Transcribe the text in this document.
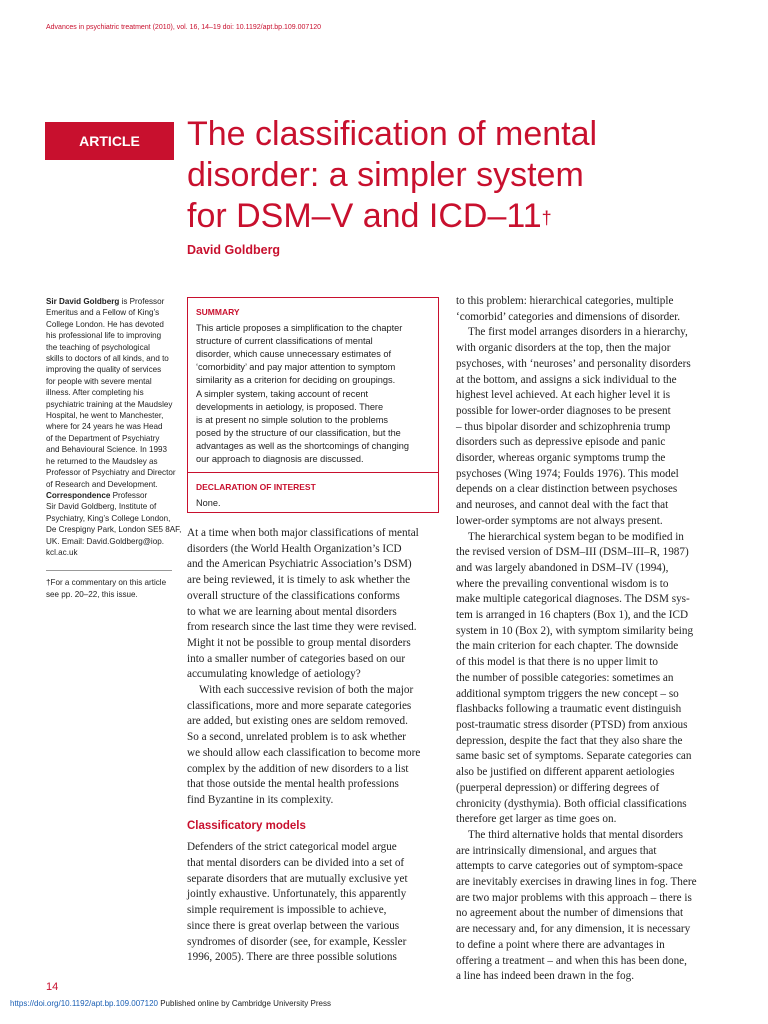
Advances in psychiatric treatment (2010), vol. 16, 14–19 doi: 10.1192/apt.bp.109.007120
ARTICLE	The classification of mental
disorder: a simpler system
for DSM–V and ICD–11†
David Goldberg
Sir David Goldberg is Professor
Emeritus and a Fellow of King’s
College London. He has devoted
his professional life to improving
the teaching of psychological
skills to doctors of all kinds, and to
improving the quality of services
for people with severe mental
illness. After completing his
psychiatric training at the Maudsley
Hospital, he went to Manchester,
where for 24 years he was Head
of the Department of Psychiatry
and Behavioural Science. In 1993
he returned to the Maudsley as
Professor of Psychiatry and Director
of Research and Development.
Correspondence Professor
Sir David Goldberg, Institute of
Psychiatry, King’s College London,
De Crespigny Park, London SE5 8AF,
UK. Email: David.Goldberg@iop.
kcl.ac.uk
†For a commentary on this article
see pp. 20–22, this issue.
SUMMARY
This article proposes a simplification to the chapter
structure of current classifications of mental
disorder, which cause unnecessary estimates of
‘comorbidity’ and pay major attention to symptom
similarity as a criterion for deciding on groupings.
A simpler system, taking account of recent
developments in aetiology, is proposed. There
is at present no simple solution to the problems
posed by the structure of our classification, but the
advantages as well as the shortcomings of changing
our approach to diagnosis are discussed.
DECLARATION OF INTEREST
None.
At a time when both major classifications of mental
disorders (the World Health Organization’s ICD
and the American Psychiatric Association’s DSM)
are being reviewed, it is timely to ask whether the
overall structure of the classifications conforms
to what we are learning about mental disorders
from research since the last time they were revised.
Might it not be possible to group mental disorders
into a smaller number of categories based on our
accumulating knowledge of aetiology?
With each successive revision of both the major
classifications, more and more separate categories
are added, but existing ones are seldom removed.
So a second, unrelated problem is to ask whether
we should allow each classification to become more
complex by the addition of new disorders to a list
that those outside the mental health professions
find Byzantine in its complexity.
Classificatory models
Defenders of the strict categorical model argue
that mental disorders can be divided into a set of
separate disorders that are mutually exclusive yet
jointly exhaustive. Unfortunately, this apparently
simple requirement is impossible to achieve,
since there is great overlap between the various
syndromes of disorder (see, for example, Kessler
1996, 2005). There are three possible solutions
to this problem: hierarchical categories, multiple
‘comorbid’ categories and dimensions of disorder.
The first model arranges disorders in a hierarchy,
with organic disorders at the top, then the major
psychoses, with ‘neuroses’ and personality disorders
at the bottom, and assigns a sick individual to the
highest level achieved. At each higher level it is
possible for lower-order diagnoses to be present
– thus bipolar disorder and schizophrenia trump
disorders such as depressive episode and panic
disorder, whereas organic symptoms trump the
psychoses (Wing 1974; Foulds 1976). This model
depends on a clear distinction between psychoses
and neuroses, and cannot deal with the fact that
lower-order symptoms are not always present.
The hierarchical system began to be modified in
the revised version of DSM–III (DSM–III–R, 1987)
and was largely abandoned in DSM–IV (1994),
where the prevailing conventional wisdom is to
make multiple categorical diagnoses. The DSM sys-
tem is arranged in 16 chapters (Box 1), and the ICD
system in 10 (Box 2), with symptom similarity being
the main criterion for each chapter. The downside
of this model is that there is no upper limit to
the number of possible categories: sometimes an
additional symptom triggers the new concept – so
flashbacks following a traumatic event distinguish
post-traumatic stress disorder (PTSD) from anxious
depression, despite the fact that they also share the
same basic set of symptoms. Separate categories can
also be justified on different apparent aetiologies
(puerperal depression) or differing degrees of
chronicity (dysthymia). Both official classifications
therefore get larger as time goes on.
The third alternative holds that mental disorders
are intrinsically dimensional, and argues that
attempts to carve categories out of symptom-space
are inevitably exercises in drawing lines in fog. There
are two major problems with this approach – there is
no agreement about the number of dimensions that
are necessary and, for any dimension, it is necessary
to define a point where there are advantages in
offering a treatment – and when this has been done,
a line has indeed been drawn in the fog.
14
https://doi.org/10.1192/apt.bp.109.007120 Published online by Cambridge University Press
